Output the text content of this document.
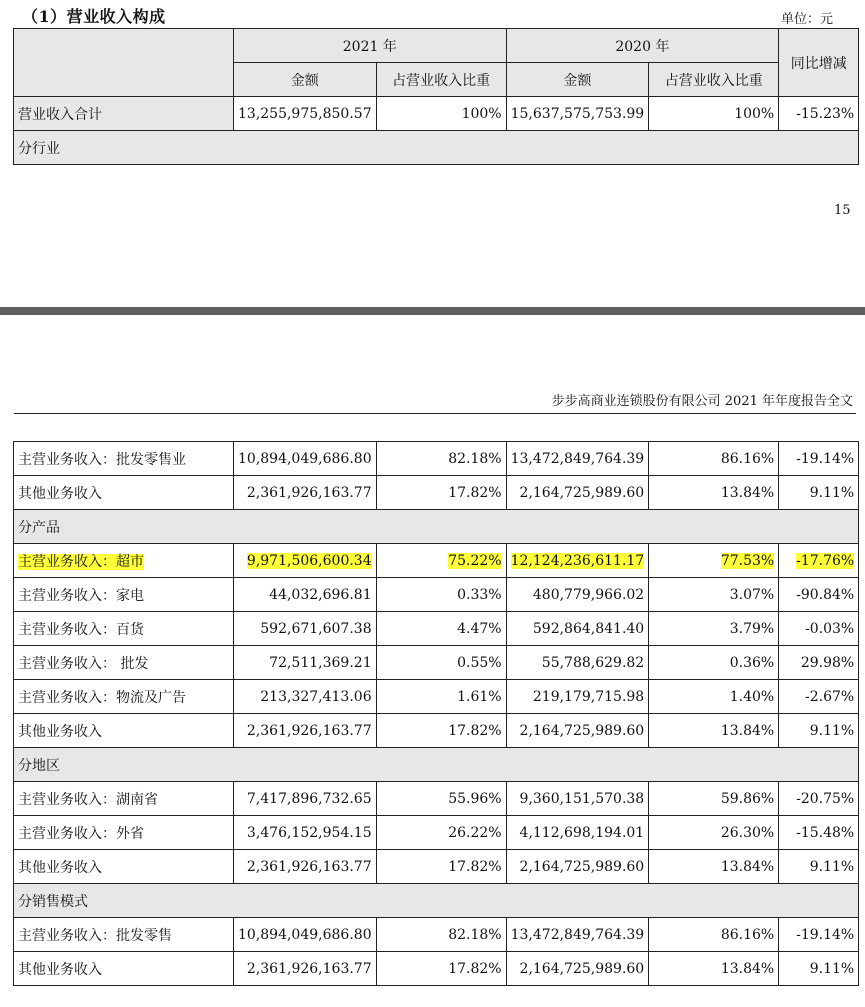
（1）营业收入构成	单位：元
	2021 年		2020 年		同比增减
	金额	占营业收入比重	金额	占营业收入比重	
营业收入合计	13,255,975,850.57	100%	15,637,575,753.99	100%	-15.23%
分行业					
15
步步高商业连锁股份有限公司 2021 年年度报告全文
主营业务收入：批发零售业	10,894,049,686.80	82.18%	13,472,849,764.39	86.16%	-19.14%
其他业务收入	2,361,926,163.77	17.82%	2,164,725,989.60	13.84%	9.11%
分产品					
主营业务收入：超市	9,971,506,600.34	75.22%	12,124,236,611.17	77.53%	-17.76%
主营业务收入：家电	44,032,696.81	0.33%	480,779,966.02	3.07%	-90.84%
主营业务收入：百货	592,671,607.38	4.47%	592,864,841.40	3.79%	-0.03%
主营业务收入： 批发	72,511,369.21	0.55%	55,788,629.82	0.36%	29.98%
主营业务收入：物流及广告	213,327,413.06	1.61%	219,179,715.98	1.40%	-2.67%
其他业务收入	2,361,926,163.77	17.82%	2,164,725,989.60	13.84%	9.11%
分地区					
主营业务收入：湖南省	7,417,896,732.65	55.96%	9,360,151,570.38	59.86%	-20.75%
主营业务收入：外省	3,476,152,954.15	26.22%	4,112,698,194.01	26.30%	-15.48%
其他业务收入	2,361,926,163.77	17.82%	2,164,725,989.60	13.84%	9.11%
分销售模式					
主营业务收入：批发零售	10,894,049,686.80	82.18%	13,472,849,764.39	86.16%	-19.14%
其他业务收入	2,361,926,163.77	17.82%	2,164,725,989.60	13.84%	9.11%
